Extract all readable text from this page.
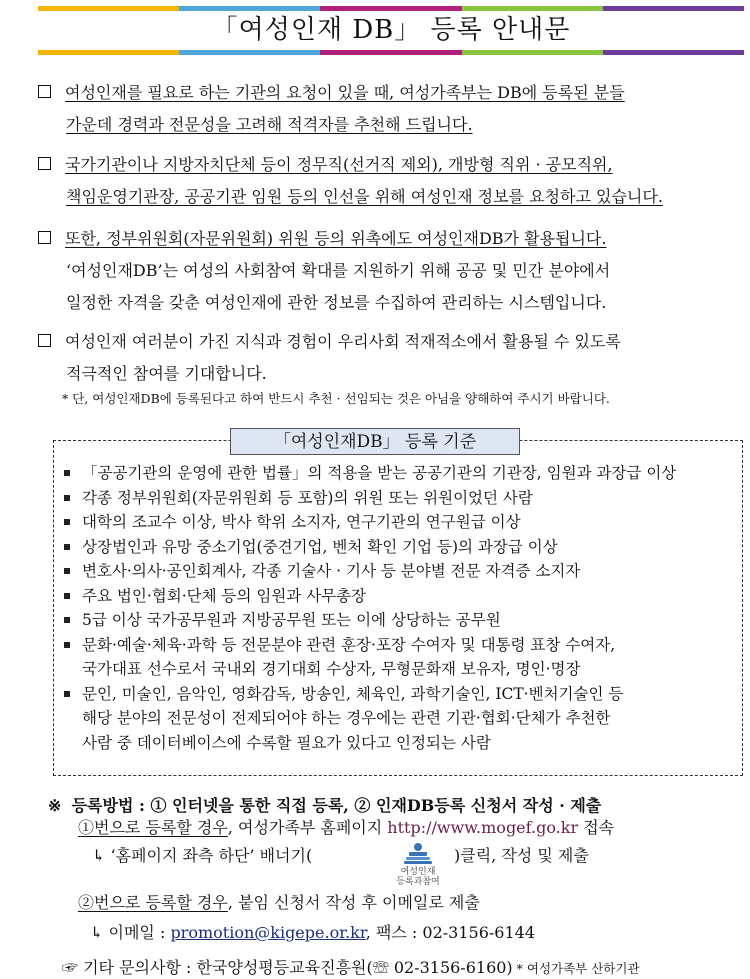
「여성인재 DB」 등록 안내문
여성인재를 필요로 하는 기관의 요청이 있을 때, 여성가족부는 DB에 등록된 분들
가운데 경력과 전문성을 고려해 적격자를 추천해 드립니다.
국가기관이나 지방자치단체 등이 정무직(선거직 제외), 개방형 직위 · 공모직위,
책임운영기관장, 공공기관 임원 등의 인선을 위해 여성인재 정보를 요청하고 있습니다.
또한, 정부위원회(자문위원회) 위원 등의 위촉에도 여성인재DB가 활용됩니다.
‘여성인재DB’는 여성의 사회참여 확대를 지원하기 위해 공공 및 민간 분야에서
일정한 자격을 갖춘 여성인재에 관한 정보를 수집하여 관리하는 시스템입니다.
여성인재 여러분이 가진 지식과 경험이 우리사회 적재적소에서 활용될 수 있도록
적극적인 참여를 기대합니다.
* 단, 여성인재DB에 등록된다고 하여 반드시 추천 · 선임되는 것은 아님을 양해하여 주시기 바랍니다.
「여성인재DB」 등록 기준
「공공기관의 운영에 관한 법률」의 적용을 받는 공공기관의 기관장, 임원과 과장급 이상
각종 정부위원회(자문위원회 등 포함)의 위원 또는 위원이었던 사람
대학의 조교수 이상, 박사 학위 소지자, 연구기관의 연구원급 이상
상장법인과 유망 중소기업(중견기업, 벤처 확인 기업 등)의 과장급 이상
변호사·의사·공인회계사, 각종 기술사 · 기사 등 분야별 전문 자격증 소지자
주요 법인·협회·단체 등의 임원과 사무총장
5급 이상 국가공무원과 지방공무원 또는 이에 상당하는 공무원
문화·예술·체육·과학 등 전문분야 관련 훈장·포장 수여자 및 대통령 표창 수여자,
국가대표 선수로서 국내외 경기대회 수상자, 무형문화재 보유자, 명인·명장
문인, 미술인, 음악인, 영화감독, 방송인, 체육인, 과학기술인, ICT·벤처기술인 등
해당 분야의 전문성이 전제되어야 하는 경우에는 관련 기관·협회·단체가 추천한
사람 중 데이터베이스에 수록할 필요가 있다고 인정되는 사람
※ 등록방법 : ① 인터넷을 통한 직접 등록, ② 인재DB등록 신청서 작성 · 제출
①번으로 등록할 경우, 여성가족부 홈페이지 http://www.mogef.go.kr 접속
↳ ‘홈페이지 좌측 하단’ 배너기(
여성인재
등록과참여
)클릭, 작성 및 제출
②번으로 등록할 경우, 붙임 신청서 작성 후 이메일로 제출
↳ 이메일 : promotion@kigepe.or.kr, 팩스 : 02-3156-6144
☞ 기타 문의사항 : 한국양성평등교육진흥원(☏ 02-3156-6160) * 여성가족부 산하기관
